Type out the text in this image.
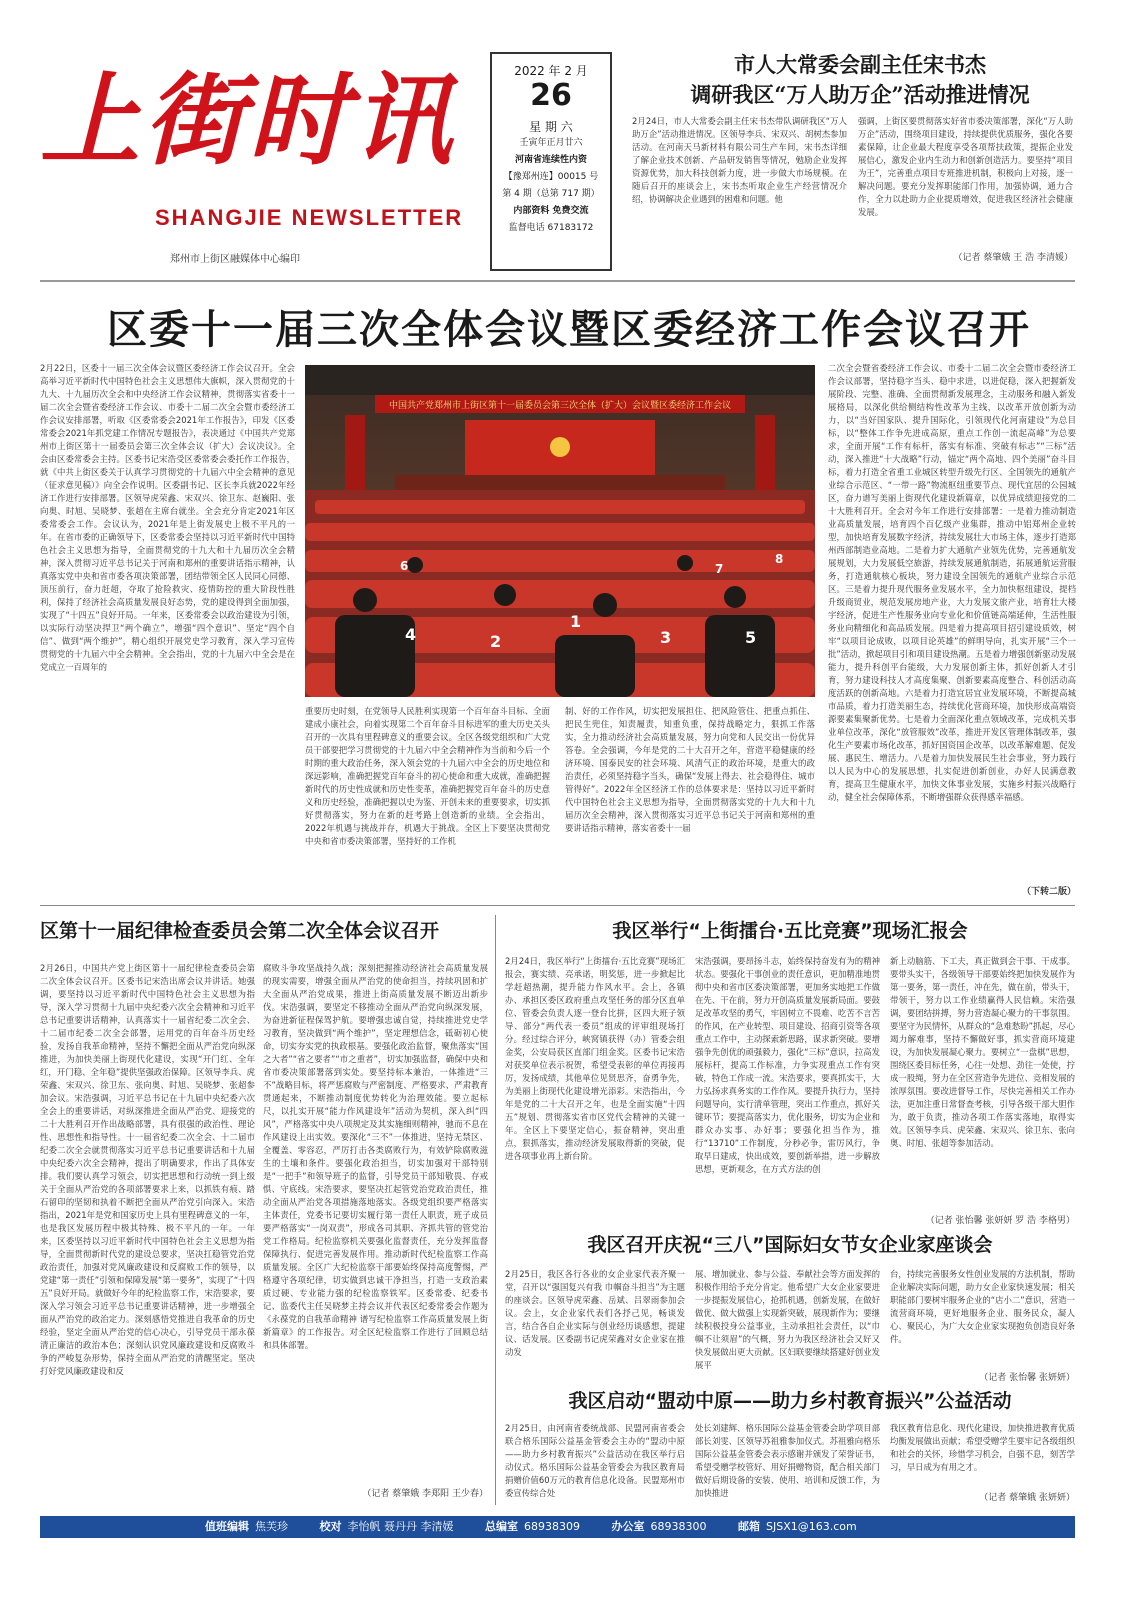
上街时讯
SHANGJIE NEWSLETTER
郑州市上街区融媒体中心编印
2022 年 2 月
26
星 期 六
壬寅年正月廿六
河南省连续性内资
【豫郑州连】00015 号
第 4 期（总第 717 期）
内部资料 免费交流
监督电话 67183172
市人大常委会副主任宋书杰
调研我区“万人助万企”活动推进情况
2月24日，市人大常委会副主任宋书杰带队调研我区“万人助万企”活动推进情况。区领导李兵、宋双兴、胡树杰参加活动。在河南天马新材料有限公司生产车间，宋书杰详细了解企业技术创新、产品研发销售等情况，勉励企业发挥资源优势，加大科技创新力度，进一步做大市场规模。在随后召开的座谈会上，宋书杰听取企业生产经营情况介绍，协调解决企业遇到的困难和问题。他
强调，上街区要贯彻落实好省市委决策部署，深化“万人助万企”活动，围绕项目建设，持续提供优质服务，强化各要素保障，让企业最大程度享受各项帮扶政策，提振企业发展信心，激发企业内生动力和创新创造活力。要坚持“项目为王”，完善重点项目专班推进机制，积极向上对接，逐一解决问题。要充分发挥职能部门作用，加强协调，通力合作，全力以赴助力企业提质增效，促进我区经济社会健康发展。
（记者 蔡肇娥 王 浩 李清媛）
区委十一届三次全体会议暨区委经济工作会议召开
2月22日，区委十一届三次全体会议暨区委经济工作会议召开。全会高举习近平新时代中国特色社会主义思想伟大旗帜，深入贯彻党的十九大、十九届历次全会和中央经济工作会议精神，贯彻落实省委十一届二次全会暨省委经济工作会议、市委十二届二次全会暨市委经济工作会议安排部署，听取《区委常委会2021年工作报告》，印发《区委常委会2021年抓党建工作情况专题报告》，表决通过《中国共产党郑州市上街区第十一届委员会第三次全体会议（扩大）会议决议》。全会由区委常委会主持。区委书记宋浩受区委常委会委托作工作报告，就《中共上街区委关于认真学习贯彻党的十九届六中全会精神的意见（征求意见稿）》向全会作说明。区委副书记、区长李兵就2022年经济工作进行安排部署。区领导虎荣鑫、宋双兴、徐卫东、赵巍阳、张向奥、时旭、吴晓梦、张超在主席台就坐。全会充分肯定2021年区委常委会工作。会议认为，2021年是上街发展史上极不平凡的一年。在省市委的正确领导下，区委常委会坚持以习近平新时代中国特色社会主义思想为指导，全面贯彻党的十九大和十九届历次全会精神，深入贯彻习近平总书记关于河南和郑州的重要讲话指示精神，认真落实党中央和省市委各项决策部署，团结带领全区人民同心同德、顶压前行，奋力赶超，夺取了抢险救灾、疫情防控的重大阶段性胜利，保持了经济社会高质量发展良好态势，党的建设得到全面加强，实现了“十四五”良好开局。一年来，区委常委会以政治建设为引领，以实际行动坚决捍卫“两个确立”，增强“四个意识”、坚定“四个自信”、做到“两个维护”，精心组织开展党史学习教育，深入学习宣传贯彻党的十九届六中全会精神。全会指出，党的十九届六中全会是在党成立一百周年的
中国共产党郑州市上街区第十一届委员会第三次全体（扩大）会议暨区委经济工作会议
4	2
1
3	5
6	7
8
重要历史时刻，在党领导人民胜利实现第一个百年奋斗目标、全面建成小康社会，向着实现第二个百年奋斗目标进军的重大历史关头召开的一次具有里程碑意义的重要会议。全区各级党组织和广大党员干部要把学习贯彻党的十九届六中全会精神作为当前和今后一个时期的重大政治任务，深入领会党的十九届六中全会的历史地位和深远影响，准确把握党百年奋斗的初心使命和重大成就，准确把握新时代的历史性成就和历史性变革，准确把握党百年奋斗的历史意义和历史经验，准确把握以史为鉴、开创未来的重要要求，切实抓好贯彻落实，努力在新的赶考路上创造新的业绩。全会指出，2022年机遇与挑战并存，机遇大于挑战。全区上下要坚决贯彻党中央和省市委决策部署，坚持好的工作机
制、好的工作作风，切实把发展担住、把风险管住、把重点抓住、把民生兜住，知责履责，知重负重，保持战略定力，狠抓工作落实，全力推动经济社会高质量发展，努力向党和人民交出一份优异答卷。全会强调，今年是党的二十大召开之年，营造平稳健康的经济环境、国泰民安的社会环境、风清气正的政治环境，是重大的政治责任，必须坚持稳字当头，确保“发展上得去、社会稳得住、城市管得好”。2022年全区经济工作的总体要求是：坚持以习近平新时代中国特色社会主义思想为指导，全面贯彻落实党的十九大和十九届历次全会精神，深入贯彻落实习近平总书记关于河南和郑州的重要讲话指示精神，落实省委十一届
二次全会暨省委经济工作会议、市委十二届二次全会暨市委经济工作会议部署，坚持稳字当头、稳中求进，以进促稳，深入把握新发展阶段、完整、准确、全面贯彻新发展理念，主动服务和融入新发展格局，以深化供给侧结构性改革为主线，以改革开放创新为动力，以“当好国家队、提升国际化，引领现代化河南建设”为总目标，以“整体工作争先进成高原，重点工作创一流起高峰”为总要求，全面开展“工作有标杆，落实有标准、突破有标志”“三标”活动，深入推进“十大战略”行动，锚定“两个高地、四个美丽”奋斗目标，着力打造全省重工业城区转型升级先行区、全国领先的通航产业综合示范区、“一带一路”物流枢纽重要节点、现代宜居的公园城区，奋力谱写美丽上街现代化建设新篇章，以优异成绩迎接党的二十大胜利召开。全会对今年工作进行安排部署：一是着力推动制造业高质量发展，培育四个百亿级产业集群，推动中铝郑州企业转型，加快培育发展数字经济，持续发展壮大市场主体，逐步打造郑州西部制造业高地。二是着力扩大通航产业领先优势，完善通航发展规划，大力发展低空旅游，持续发展通航制造，拓展通航运营服务，打造通航核心板块，努力建设全国领先的通航产业综合示范区。三是着力提升现代服务业发展水平，全力加快枢纽建设，提档升级商贸业，规范发展房地产业，大力发展文旅产业，培育壮大楼宇经济，促进生产性服务业向专业化和价值链高端延伸，生活性服务业向精细化和高品质发展。四是着力提高项目招引建设质效，树牢“以项目论成败，以项目论英雄”的鲜明导向，扎实开展“三个一批”活动，掀起项目引和项目建设热潮。五是着力增强创新驱动发展能力，提升科创平台能级，大力发展创新主体，抓好创新人才引育，努力建设科技人才高度集聚、创新要素高度整合、科创活动高度活跃的创新高地。六是着力打造宜居宜业发展环境，不断提高城市品质，着力打造美丽生态，持续优化营商环境，加快形成高端资源要素集聚新优势。七是着力全面深化重点领域改革，完成机关事业单位改革，深化“放管服效”改革，推进开发区管理体制改革，强化生产要素市场化改革，抓好国资国企改革，以改革解难题、促发展、惠民生、增活力。八是着力加快发展民生社会事业，努力践行以人民为中心的发展思想，扎实促进创新创业，办好人民满意教育，提高卫生健康水平，加快文体事业发展，实施乡村振兴战略行动，健全社会保障体系，不断增强群众获得感幸福感。
（下转二版）
区第十一届纪律检查委员会第二次全体会议召开
2月26日，中国共产党上街区第十一届纪律检查委员会第二次全体会议召开。区委书记宋浩出席会议并讲话。她强调，要坚持以习近平新时代中国特色社会主义思想为指导，深入学习贯彻十九届中央纪委六次全会精神和习近平总书记重要讲话精神，认真落实十一届省纪委二次全会、十二届市纪委二次全会部署，运用党的百年奋斗历史经验，发扬自我革命精神，坚持不懈把全面从严治党向纵深推进，为加快美丽上街现代化建设，实现“开门红、全年红，开门稳、全年稳”提供坚强政治保障。区领导李兵、虎荣鑫、宋双兴、徐卫东、张向奥、时旭、吴晓梦、张超参加会议。宋浩强调，习近平总书记在十九届中央纪委六次全会上的重要讲话，对纵深推进全面从严治党、迎接党的二十大胜利召开作出战略部署，具有很强的政治性、理论性、思想性和指导性。十一届省纪委二次全会、十二届市纪委二次全会就贯彻落实习近平总书记重要讲话和十九届中央纪委六次全会精神，提出了明确要求，作出了具体安排。我们要认真学习领会，切实把思想和行动统一到上级关于全面从严治党的各项部署要求上来，以抓铁有痕、踏石留印的坚韧和执着不断把全面从严治党引向深入。宋浩指出，2021年是党和国家历史上具有里程碑意义的一年，也是我区发展历程中极其特殊、极不平凡的一年。一年来，区委坚持以习近平新时代中国特色社会主义思想为指导，全面贯彻新时代党的建设总要求，坚决扛稳管党治党政治责任，加强对党风廉政建设和反腐败工作的领导，以党建“第一责任”引领和保障发展“第一要务”，实现了“十四五”良好开局。就做好今年的纪检监察工作，宋浩要求，要深入学习领会习近平总书记重要讲话精神，进一步增强全面从严治党的政治定力。深刻感悟党推进自我革命的历史经验，坚定全面从严治党的信心决心，引导党员干部永葆清正廉洁的政治本色；深刻认识党风廉政建设和反腐败斗争的严峻复杂形势，保持全面从严治党的清醒坚定。坚决打好党风廉政建设和反
腐败斗争攻坚战持久战；深刻把握推动经济社会高质量发展的现实需要，增强全面从严治党的使命担当，持续巩固和扩大全面从严治党成果，推进上街高质量发展不断迈出新步伐。宋浩强调，要坚定不移推动全面从严治党向纵深发展，为奋进新征程保驾护航。要增强忠诚自觉，持续推进党史学习教育，坚决做到“两个维护”，坚定理想信念，砥砺初心使命，切实夯实党的执政根基。要强化政治监督，聚焦落实“国之大者”“省之要者”“市之重者”，切实加强监督，确保中央和省市委决策部署落到实处。要坚持标本兼治，一体推进“三不”战略目标，将严惩腐败与严密制度、严格要求、严肃教育贯通起来，不断推动制度优势转化为治理效能。要立起标尺，以扎实开展“能力作风建设年”活动为契机，深入纠“四风”，严格落实中央八项规定及其实施细则精神，驰而不息在作风建设上出实效。要深化“三不”一体推进，坚持无禁区、全覆盖、零容忍，严厉打击各类腐败行为，有效铲除腐败滋生的土壤和条件。要强化政治担当，切实加强对干部特别是“一把手”和领导班子的监督，引导党员干部知敬畏、存戒惧、守底线。宋浩要求，要坚决扛起管党治党政治责任，推动全面从严治党各项措施落地落实。各级党组织要严格落实主体责任，党委书记要切实履行第一责任人职责，班子成员要严格落实“一岗双责”，形成各司其职、齐抓共管的管党治党工作格局。纪检监察机关要强化监督责任，充分发挥监督保障执行、促进完善发展作用。推动新时代纪检监察工作高质量发展。全区广大纪检监察干部要始终保持高度警惕，严格遵守各项纪律，切实做到忠诚干净担当，打造一支政治素质过硬、专业能力强的纪检监察铁军。区委常委、纪委书记、监委代主任吴晓梦主持会议并代表区纪委常委会作题为《永葆党的自我革命精神 谱写纪检监察工作高质量发展上街新篇章》的工作报告。对全区纪检监察工作进行了回顾总结和具体部署。
（记者 蔡肇娥 李郑阳 王少春）
我区举行“上街擂台·五比竞赛”现场汇报会
2月24日，我区举行“上街擂台·五比竞赛”现场汇报会，赛实绩、亮承诺，明奖惩，进一步掀起比学赶超热潮，提升能力作风水平。会上，各镇办、承担区委区政府重点攻坚任务的部分区直单位、管委会负责人逐一登台比拼，区四大班子领导、部分“两代表一委员”组成的评审组现场打分。经过综合评分，峡窝镇获得（办）管委会组金奖，公安局获区直部门组金奖。区委书记宋浩对获奖单位表示祝贺，希望受表彰的单位再接再厉，发扬成绩，其他单位见贤思齐，奋勇争先，为美丽上街现代化建设增光添彩。宋浩指出，今年是党的二十大召开之年，也是全面实施“十四五”规划、贯彻落实省市区党代会精神的关键一年。全区上下要坚定信心，振奋精神，突出重点，狠抓落实，推动经济发展取得新的突破，促进各项事业再上新台阶。
宋浩强调，要昂扬斗志，始终保持奋发有为的精神状态。要强化干事创业的责任意识，更加精准地贯彻中央和省市区委决策部署，更加务实地把工作做在先、干在前，努力开创高质量发展新局面。要鼓足改革攻坚的勇气，牢固树立不畏难、吃苦不言苦的作风，在产业转型、项目建设、招商引资等各项重点工作中，主动探索新思路，谋求新突破。要增强争先创优的顽强毅力，强化“三标”意识，拉高发展标杆，提高工作标准，力争实现重点工作有突破，特色工作成一流。宋浩要求，要真抓实干，大力弘扬求真务实的工作作风。要提升执行力，坚持问题导向，实行清单管理，突出工作重点，抓好关键环节；要提高落实力，优化服务，切实为企业和群众办实事、办好事；要强化担当作为，推行“13710”工作制度，分秒必争，雷厉风行，争取早日建成，快出成效，要创新举措，进一步解放思想，更新观念，在方式方法的创
新上动脑筋、下工夫，真正做到会干事、干成事。要带头实干，各级领导干部要始终把加快发展作为第一要务，第一责任，冲在先，做在前，带头干，带领干，努力以工作业绩赢得人民信赖。宋浩强调，要团结拼搏，努力营造凝心聚力的干事氛围。要坚守为民情怀，从群众的“急难愁盼”抓起，尽心竭力解难事，坚持不懈做好事，抓实营商环境建设，为加快发展凝心聚力。要树立“一盘棋”思想，围绕区委目标任务，心往一处想、劲往一处使，拧成一股绳，努力在全区营造争先进位、竞相发展的浓厚氛围。要改进督导工作，尽快完善相关工作办法，更加注重日常督查考核，引导各级干部大胆作为，敢于负责，推动各项工作落实落地，取得实效。区领导李兵、虎荣鑫、宋双兴、徐卫东、张向奥、时旭、张超等参加活动。
（记者 张怡馨 张妍妍 罗 浩 李格男）
我区召开庆祝“三八”国际妇女节女企业家座谈会
2月25日，我区各行各业的女企业家代表齐聚一堂，召开以“强国复兴有我 巾帼奋斗担当”为主题的座谈会。区领导虎荣鑫、岳斌、吕翠雨参加会议。会上，女企业家代表们各抒己见，畅谈发言，结合各自企业实际与创业经历谈感想，提建议、话发展。区委副书记虎荣鑫对女企业家在推动发
展、增加就业、参与公益、奉献社会等方面发挥的积极作用给予充分肯定。他希望广大女企业家要进一步提振发展信心，抢抓机遇，创新发展，在做好做优、做大做强上实现新突破，展现新作为；要继续积极投身公益事业，主动承担社会责任，以“巾帼不让须眉”的气概，努力为我区经济社会又好又快发展做出更大贡献。区妇联要继续搭建好创业发展平
台，持续完善服务女性创业发展的方法机制，帮助企业解决实际问题，助力女企业家快速发展；相关职能部门要树牢服务企业的“店小二”意识，营造一流营商环境，更好地服务企业、服务民众，凝人心、聚民心，为广大女企业家实现抱负创造良好条件。
（记者 张怡馨 张妍妍）
我区启动“盟动中原——助力乡村教育振兴”公益活动
2月25日，由河南省委统战部、民盟河南省委会联合格乐国际公益基金管委会主办的“盟动中原——助力乡村教育振兴”公益活动在我区举行启动仪式。格乐国际公益基金管委会为我区教育局捐赠价值60万元的教育信息化设备。民盟郑州市委宣传综合处
处长刘建辉、格乐国际公益基金管委会助学项目部部长刘雯、区领导苏祖雅参加仪式。苏祖雅向格乐国际公益基金管委会表示感谢并颁发了荣誉证书，希望受赠学校管好、用好捐赠物资，配合相关部门做好后期设备的安装、使用、培训和反馈工作，为加快推进
我区教育信息化、现代化建设，加快推进教育优质均衡发展做出贡献；希望受赠学生要牢记各级组织和社会的关怀，珍惜学习机会，自强不息，刻苦学习，早日成为有用之才。
（记者 蔡肇娥 张妍妍）
值班编辑 焦芙珍	校对 李怡帆 聂丹丹 李清媛	总编室 68938309	办公室 68938300	邮箱 SJSX1@163.com
